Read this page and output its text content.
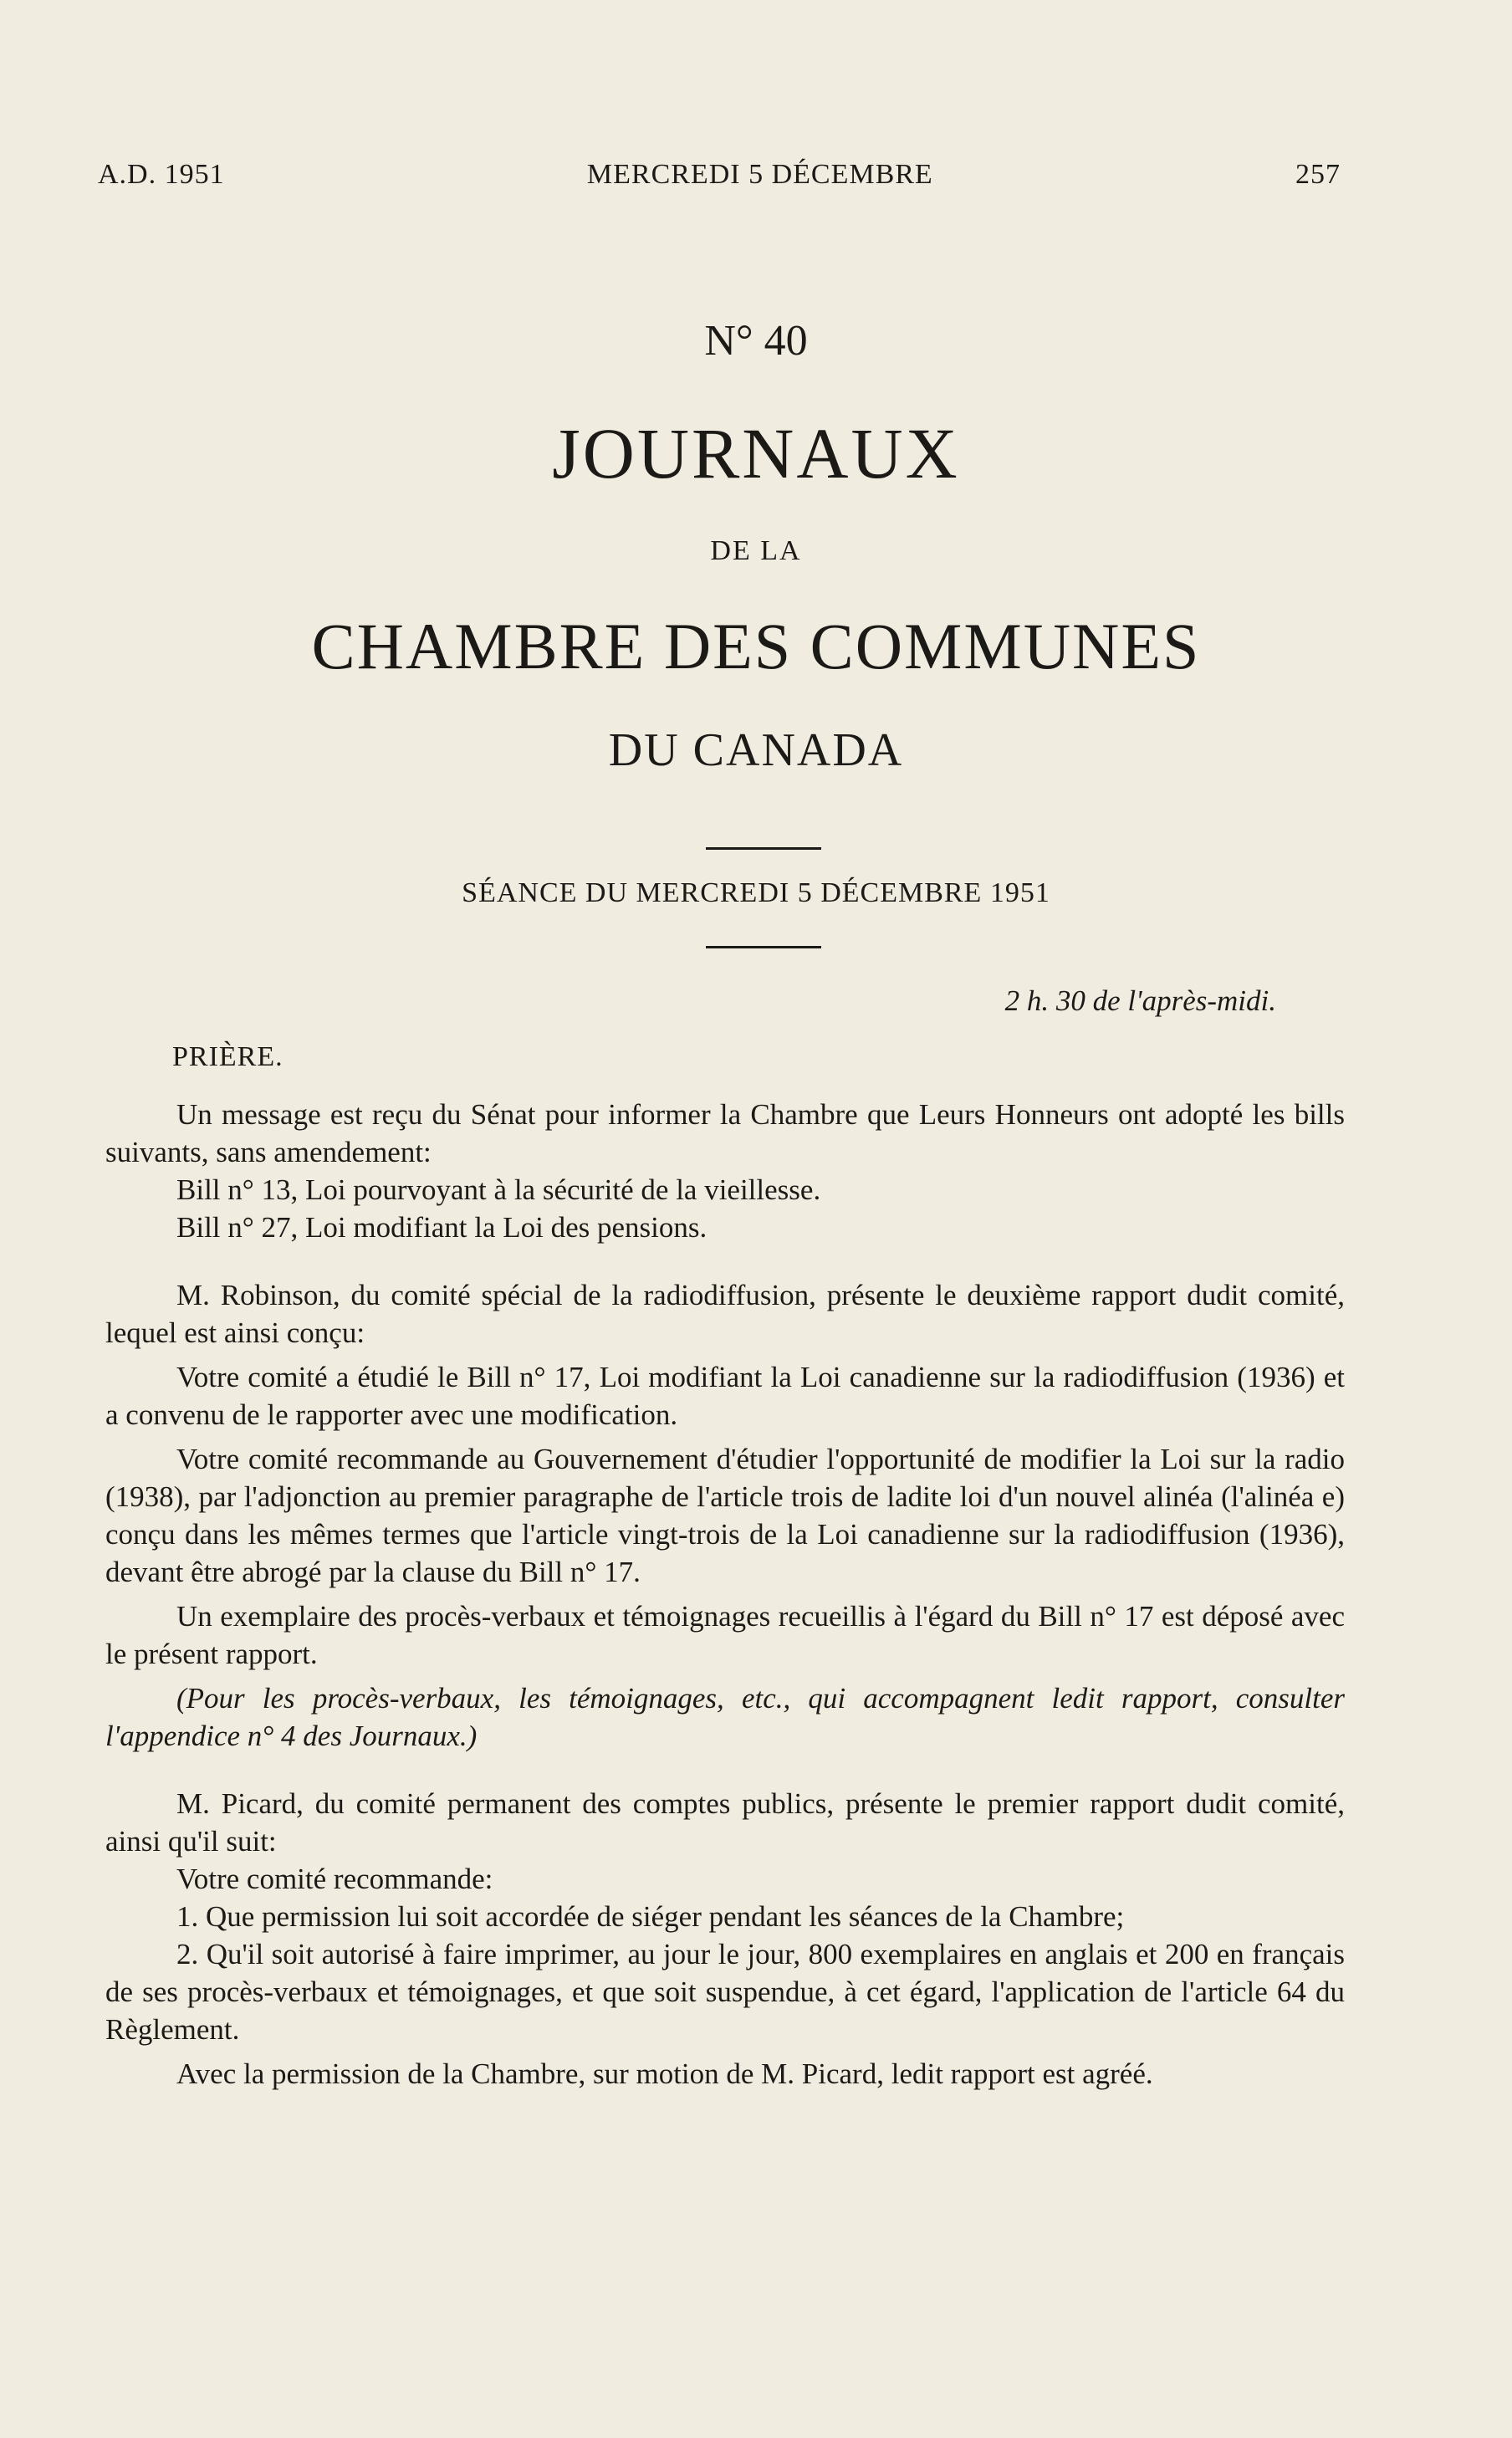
A.D. 1951	MERCREDI 5 DÉCEMBRE	257
N° 40
JOURNAUX
DE LA
CHAMBRE DES COMMUNES
DU CANADA
SÉANCE DU MERCREDI 5 DÉCEMBRE 1951
2 h. 30 de l'après-midi.
PRIÈRE.

Un message est reçu du Sénat pour informer la Chambre que Leurs Honneurs ont adopté les bills suivants, sans amendement:

Bill n° 13, Loi pourvoyant à la sécurité de la vieillesse.

Bill n° 27, Loi modifiant la Loi des pensions.

M. Robinson, du comité spécial de la radiodiffusion, présente le deuxième rapport dudit comité, lequel est ainsi conçu:

Votre comité a étudié le Bill n° 17, Loi modifiant la Loi canadienne sur la radiodiffusion (1936) et a convenu de le rapporter avec une modification.

Votre comité recommande au Gouvernement d'étudier l'opportunité de modifier la Loi sur la radio (1938), par l'adjonction au premier paragraphe de l'article trois de ladite loi d'un nouvel alinéa (l'alinéa e) conçu dans les mêmes termes que l'article vingt-trois de la Loi canadienne sur la radiodiffusion (1936), devant être abrogé par la clause du Bill n° 17.

Un exemplaire des procès-verbaux et témoignages recueillis à l'égard du Bill n° 17 est déposé avec le présent rapport.

(Pour les procès-verbaux, les témoignages, etc., qui accompagnent ledit rapport, consulter l'appendice n° 4 des Journaux.)

M. Picard, du comité permanent des comptes publics, présente le premier rapport dudit comité, ainsi qu'il suit:

Votre comité recommande:

1. Que permission lui soit accordée de siéger pendant les séances de la Chambre;

2. Qu'il soit autorisé à faire imprimer, au jour le jour, 800 exemplaires en anglais et 200 en français de ses procès-verbaux et témoignages, et que soit suspendue, à cet égard, l'application de l'article 64 du Règlement.

Avec la permission de la Chambre, sur motion de M. Picard, ledit rapport est agréé.
